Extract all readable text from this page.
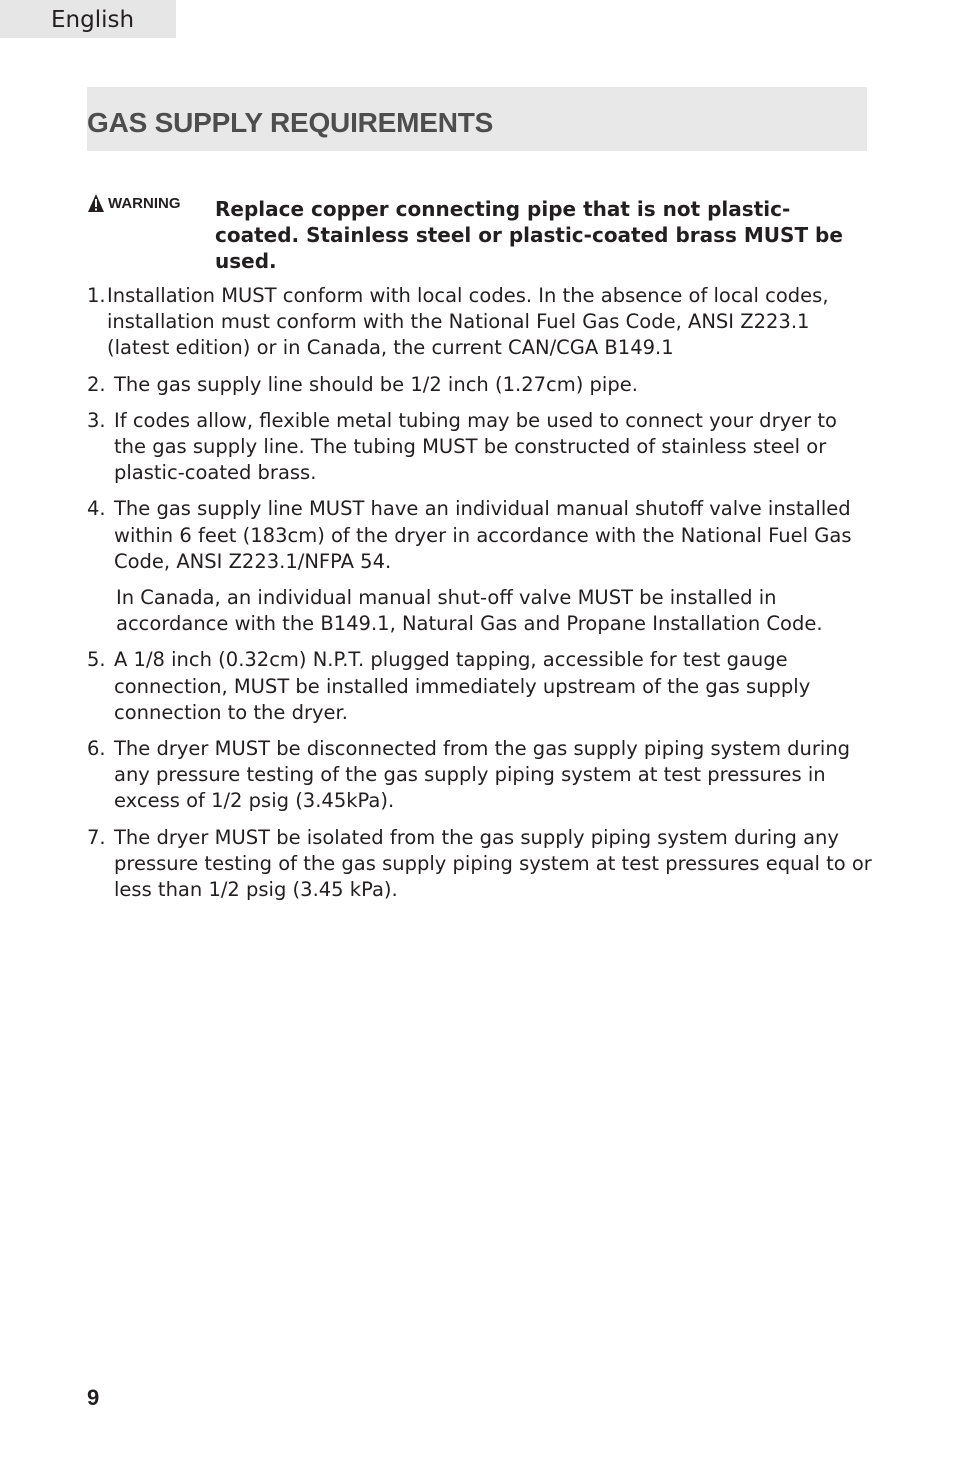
English
GAS SUPPLY REQUIREMENTS
WARNING Replace copper connecting pipe that is not plastic-coated. Stainless steel or plastic-coated brass MUST be used.
1. Installation MUST conform with local codes. In the absence of local codes, installation must conform with the National Fuel Gas Code, ANSI Z223.1 (latest edition) or in Canada, the current CAN/CGA B149.1
2. The gas supply line should be 1/2 inch (1.27cm) pipe.
3. If codes allow, flexible metal tubing may be used to connect your dryer to the gas supply line. The tubing MUST be constructed of stainless steel or plastic-coated brass.
4. The gas supply line MUST have an individual manual shutoff valve installed within 6 feet (183cm) of the dryer in accordance with the National Fuel Gas Code, ANSI Z223.1/NFPA 54.
In Canada, an individual manual shut-off valve MUST be installed in accordance with the B149.1, Natural Gas and Propane Installation Code.
5. A 1/8 inch (0.32cm) N.P.T. plugged tapping, accessible for test gauge connection, MUST be installed immediately upstream of the gas supply connection to the dryer.
6. The dryer MUST be disconnected from the gas supply piping system during any pressure testing of the gas supply piping system at test pressures in excess of 1/2 psig (3.45kPa).
7. The dryer MUST be isolated from the gas supply piping system during any pressure testing of the gas supply piping system at test pressures equal to or less than 1/2 psig (3.45 kPa).
9
